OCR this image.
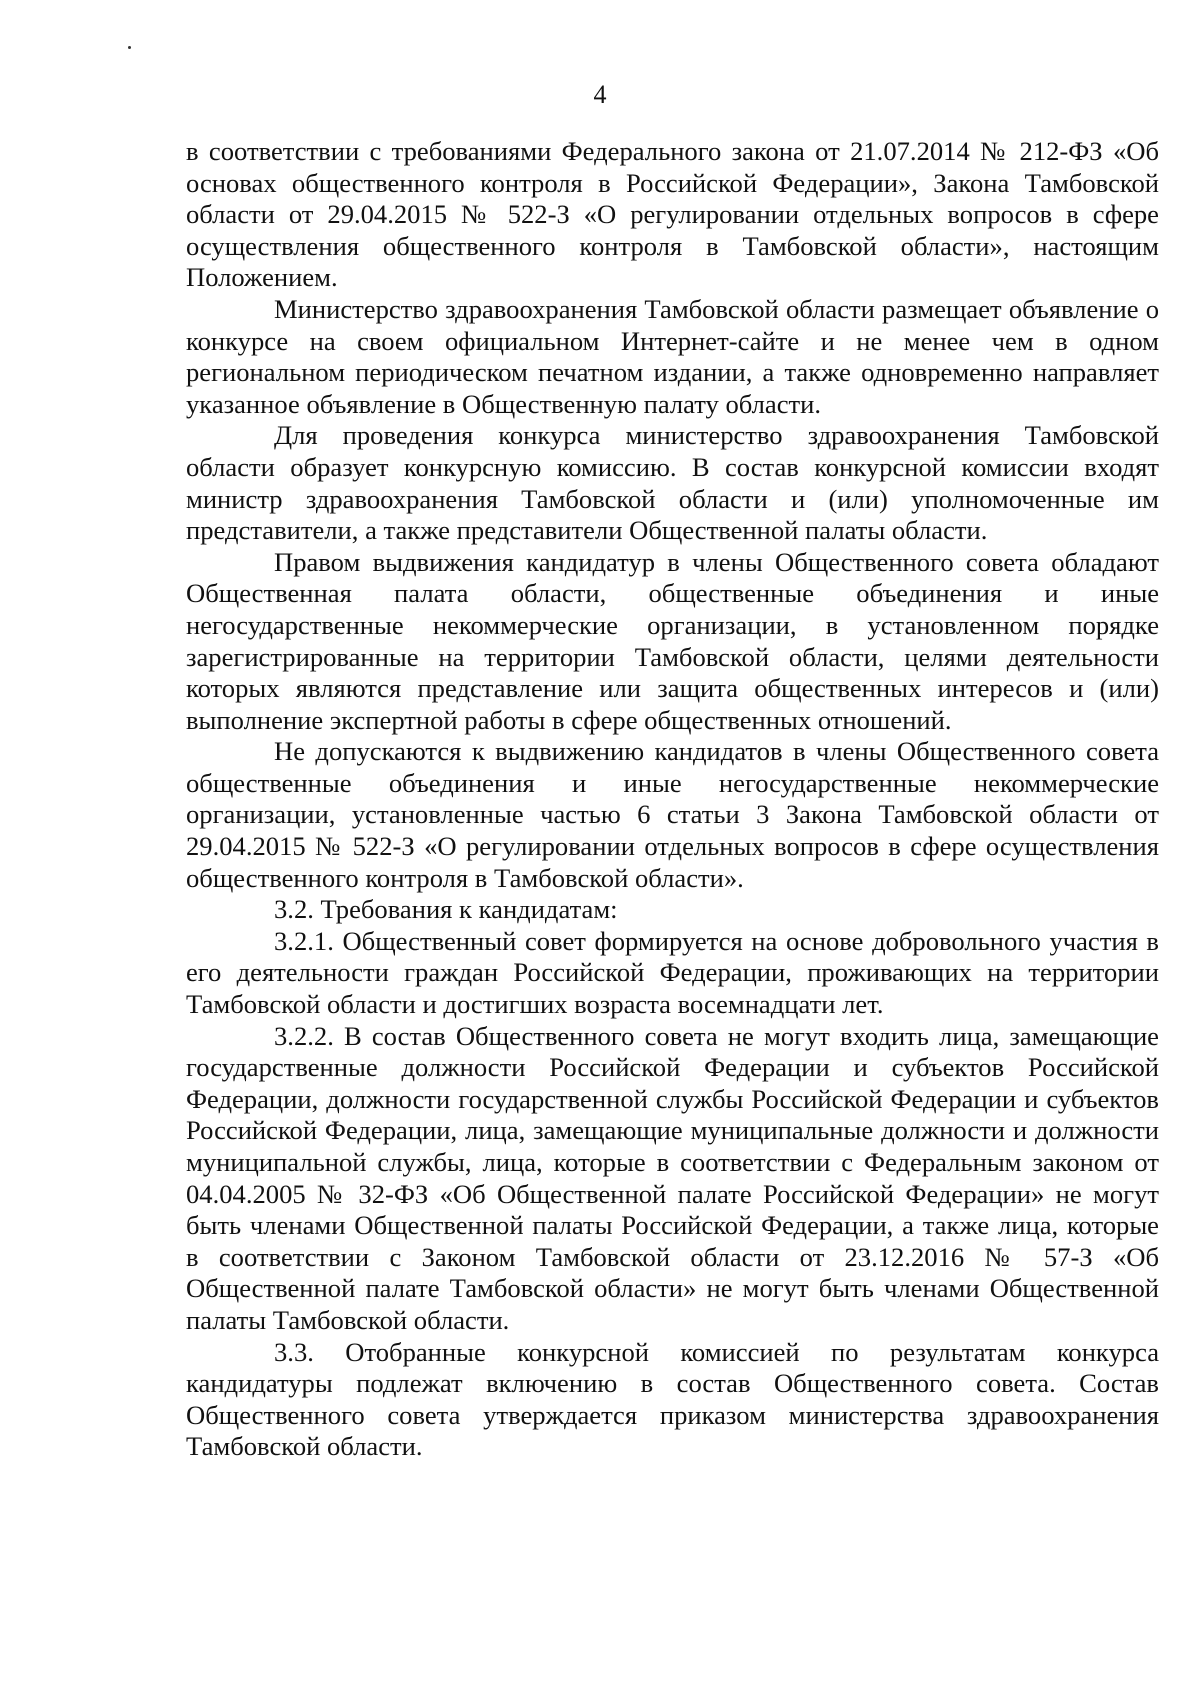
4

в соответствии с требованиями Федерального закона от 21.07.2014 № 212-ФЗ «Об основах общественного контроля в Российской Федерации», Закона Тамбовской области от 29.04.2015 № 522-З «О регулировании отдельных вопросов в сфере осуществления общественного контроля в Тамбовской области», настоящим Положением.

Министерство здравоохранения Тамбовской области размещает объявление о конкурсе на своем официальном Интернет-сайте и не менее чем в одном региональном периодическом печатном издании, а также одновременно направляет указанное объявление в Общественную палату области.

Для проведения конкурса министерство здравоохранения Тамбовской области образует конкурсную комиссию. В состав конкурсной комиссии входят министр здравоохранения Тамбовской области и (или) уполномоченные им представители, а также представители Общественной палаты области.

Правом выдвижения кандидатур в члены Общественного совета обладают Общественная палата области, общественные объединения и иные негосударственные некоммерческие организации, в установленном порядке зарегистрированные на территории Тамбовской области, целями деятельности которых являются представление или защита общественных интересов и (или) выполнение экспертной работы в сфере общественных отношений.

Не допускаются к выдвижению кандидатов в члены Общественного совета общественные объединения и иные негосударственные некоммерческие организации, установленные частью 6 статьи 3 Закона Тамбовской области от 29.04.2015 № 522-З «О регулировании отдельных вопросов в сфере осуществления общественного контроля в Тамбовской области».

3.2. Требования к кандидатам:

3.2.1. Общественный совет формируется на основе добровольного участия в его деятельности граждан Российской Федерации, проживающих на территории Тамбовской области и достигших возраста восемнадцати лет.

3.2.2. В состав Общественного совета не могут входить лица, замещающие государственные должности Российской Федерации и субъектов Российской Федерации, должности государственной службы Российской Федерации и субъектов Российской Федерации, лица, замещающие муниципальные должности и должности муниципальной службы, лица, которые в соответствии с Федеральным законом от 04.04.2005 № 32-ФЗ «Об Общественной палате Российской Федерации» не могут быть членами Общественной палаты Российской Федерации, а также лица, которые в соответствии с Законом Тамбовской области от 23.12.2016 № 57-З «Об Общественной палате Тамбовской области» не могут быть членами Общественной палаты Тамбовской области.

3.3. Отобранные конкурсной комиссией по результатам конкурса кандидатуры подлежат включению в состав Общественного совета. Состав Общественного совета утверждается приказом министерства здравоохранения Тамбовской области.
